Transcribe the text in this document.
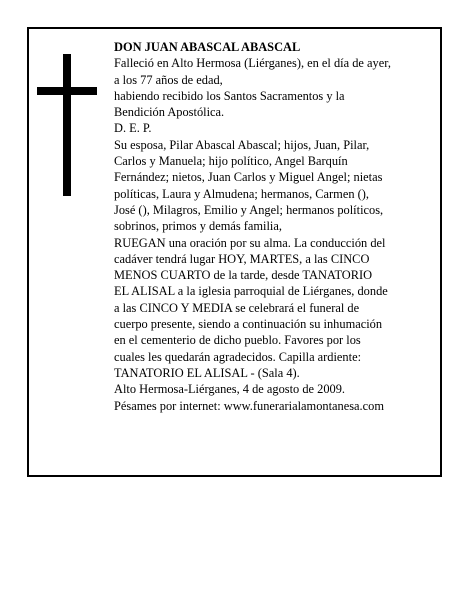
DON JUAN ABASCAL ABASCAL
Falleció en Alto Hermosa (Liérganes), en el día de ayer,
a los 77 años de edad,
habiendo recibido los Santos Sacramentos y la
Bendición Apostólica.
D. E. P.
Su esposa, Pilar Abascal Abascal; hijos, Juan, Pilar,
Carlos y Manuela; hijo político, Angel Barquín
Fernández; nietos, Juan Carlos y Miguel Angel; nietas
políticas, Laura y Almudena; hermanos, Carmen (),
José (), Milagros, Emilio y Angel; hermanos políticos,
sobrinos, primos y demás familia,
RUEGAN una oración por su alma. La conducción del
cadáver tendrá lugar HOY, MARTES, a las CINCO
MENOS CUARTO de la tarde, desde TANATORIO
EL ALISAL a la iglesia parroquial de Liérganes, donde
a las CINCO Y MEDIA se celebrará el funeral de
cuerpo presente, siendo a continuación su inhumación
en el cementerio de dicho pueblo. Favores por los
cuales les quedarán agradecidos. Capilla ardiente:
TANATORIO EL ALISAL - (Sala 4).
Alto Hermosa-Liérganes, 4 de agosto de 2009.
Pésames por internet: www.funerarialamontanesa.com
